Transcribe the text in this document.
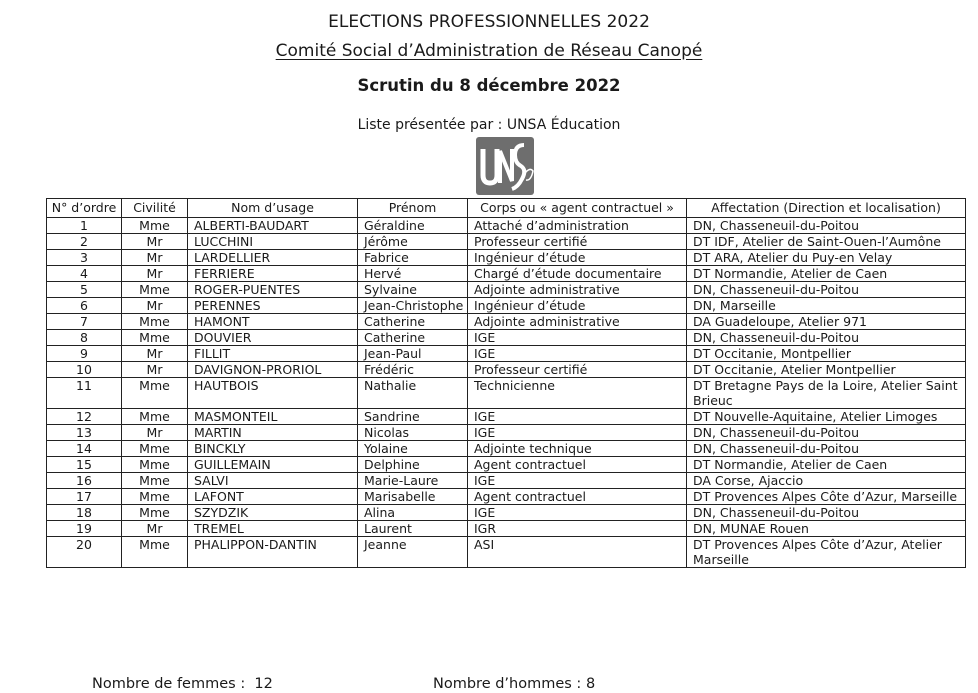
ELECTIONS PROFESSIONNELLES 2022
Comité Social d’Administration de Réseau Canopé
Scrutin du 8 décembre 2022
Liste présentée par : UNSA Éducation
N° d’ordre	Civilité	Nom d’usage	Prénom	Corps ou « agent contractuel »	Affectation (Direction et localisation)
1	Mme	ALBERTI-BAUDART	Géraldine	Attaché d’administration	DN, Chasseneuil-du-Poitou
2	Mr	LUCCHINI	Jérôme	Professeur certifié	DT IDF, Atelier de Saint-Ouen-l’Aumône
3	Mr	LARDELLIER	Fabrice	Ingénieur d’étude	DT ARA, Atelier du Puy-en Velay
4	Mr	FERRIERE	Hervé	Chargé d’étude documentaire	DT Normandie, Atelier de Caen
5	Mme	ROGER-PUENTES	Sylvaine	Adjointe administrative	DN, Chasseneuil-du-Poitou
6	Mr	PERENNES	Jean-Christophe	Ingénieur d’étude	DN, Marseille
7	Mme	HAMONT	Catherine	Adjointe administrative	DA Guadeloupe, Atelier 971
8	Mme	DOUVIER	Catherine	IGE	DN, Chasseneuil-du-Poitou
9	Mr	FILLIT	Jean-Paul	IGE	DT Occitanie, Montpellier
10	Mr	DAVIGNON-PRORIOL	Frédéric	Professeur certifié	DT Occitanie, Atelier Montpellier
11	Mme	HAUTBOIS	Nathalie	Technicienne	DT Bretagne Pays de la Loire, Atelier Saint Brieuc
12	Mme	MASMONTEIL	Sandrine	IGE	DT Nouvelle-Aquitaine, Atelier Limoges
13	Mr	MARTIN	Nicolas	IGE	DN, Chasseneuil-du-Poitou
14	Mme	BINCKLY	Yolaine	Adjointe technique	DN, Chasseneuil-du-Poitou
15	Mme	GUILLEMAIN	Delphine	Agent contractuel	DT Normandie, Atelier de Caen
16	Mme	SALVI	Marie-Laure	IGE	DA Corse, Ajaccio
17	Mme	LAFONT	Marisabelle	Agent contractuel	DT Provences Alpes Côte d’Azur, Marseille
18	Mme	SZYDZIK	Alina	IGE	DN, Chasseneuil-du-Poitou
19	Mr	TREMEL	Laurent	IGR	DN, MUNAE Rouen
20	Mme	PHALIPPON-DANTIN	Jeanne	ASI	DT Provences Alpes Côte d’Azur, Atelier Marseille
Nombre de femmes : 12	Nombre d’hommes : 8
